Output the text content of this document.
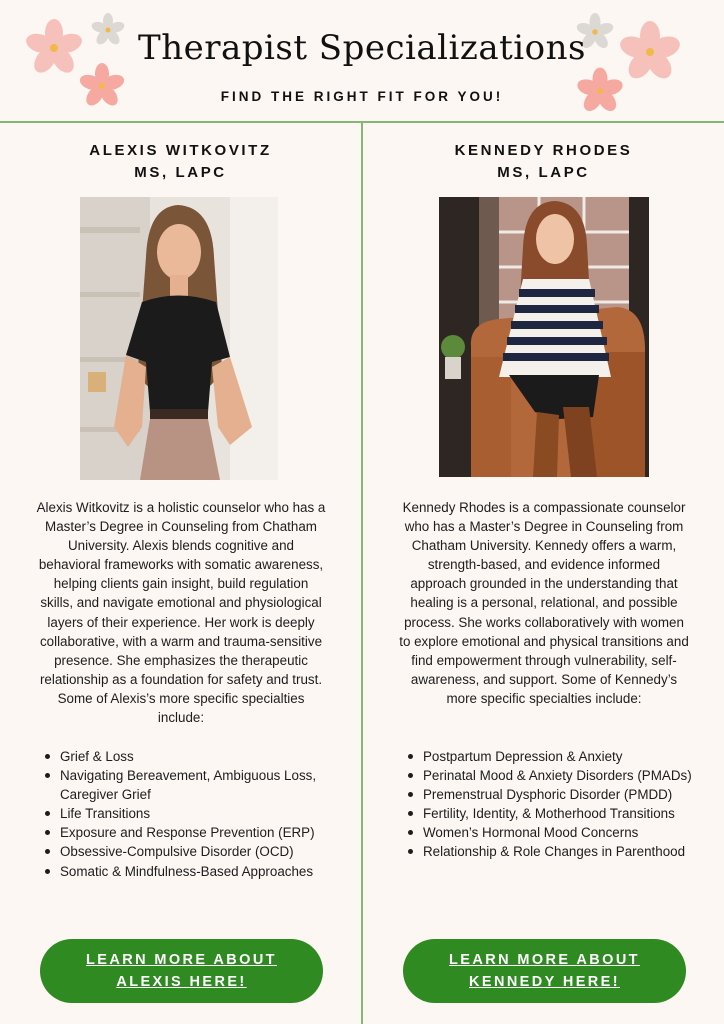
Therapist Specializations
FIND THE RIGHT FIT FOR YOU!
ALEXIS WITKOVITZ
MS, LAPC
Alexis Witkovitz is a holistic counselor who has a Master’s Degree in Counseling from Chatham University. Alexis blends cognitive and behavioral frameworks with somatic awareness, helping clients gain insight, build regulation skills, and navigate emotional and physiological layers of their experience. Her work is deeply collaborative, with a warm and trauma-sensitive presence. She emphasizes the therapeutic relationship as a foundation for safety and trust. Some of Alexis’s more specific specialties include:
Grief & Loss
Navigating Bereavement, Ambiguous Loss, Caregiver Grief
Life Transitions
Exposure and Response Prevention (ERP)
Obsessive-Compulsive Disorder (OCD)
Somatic & Mindfulness-Based Approaches
LEARN MORE ABOUT ALEXIS HERE!
KENNEDY RHODES
MS, LAPC
Kennedy Rhodes is a compassionate counselor who has a Master’s Degree in Counseling from Chatham University. Kennedy offers a warm, strength-based, and evidence informed approach grounded in the understanding that healing is a personal, relational, and possible process. She works collaboratively with women to explore emotional and physical transitions and find empowerment through vulnerability, self-awareness, and support. Some of Kennedy’s more specific specialties include:
Postpartum Depression & Anxiety
Perinatal Mood & Anxiety Disorders (PMADs)
Premenstrual Dysphoric Disorder (PMDD)
Fertility, Identity, & Motherhood Transitions
Women’s Hormonal Mood Concerns
Relationship & Role Changes in Parenthood
LEARN MORE ABOUT KENNEDY HERE!
